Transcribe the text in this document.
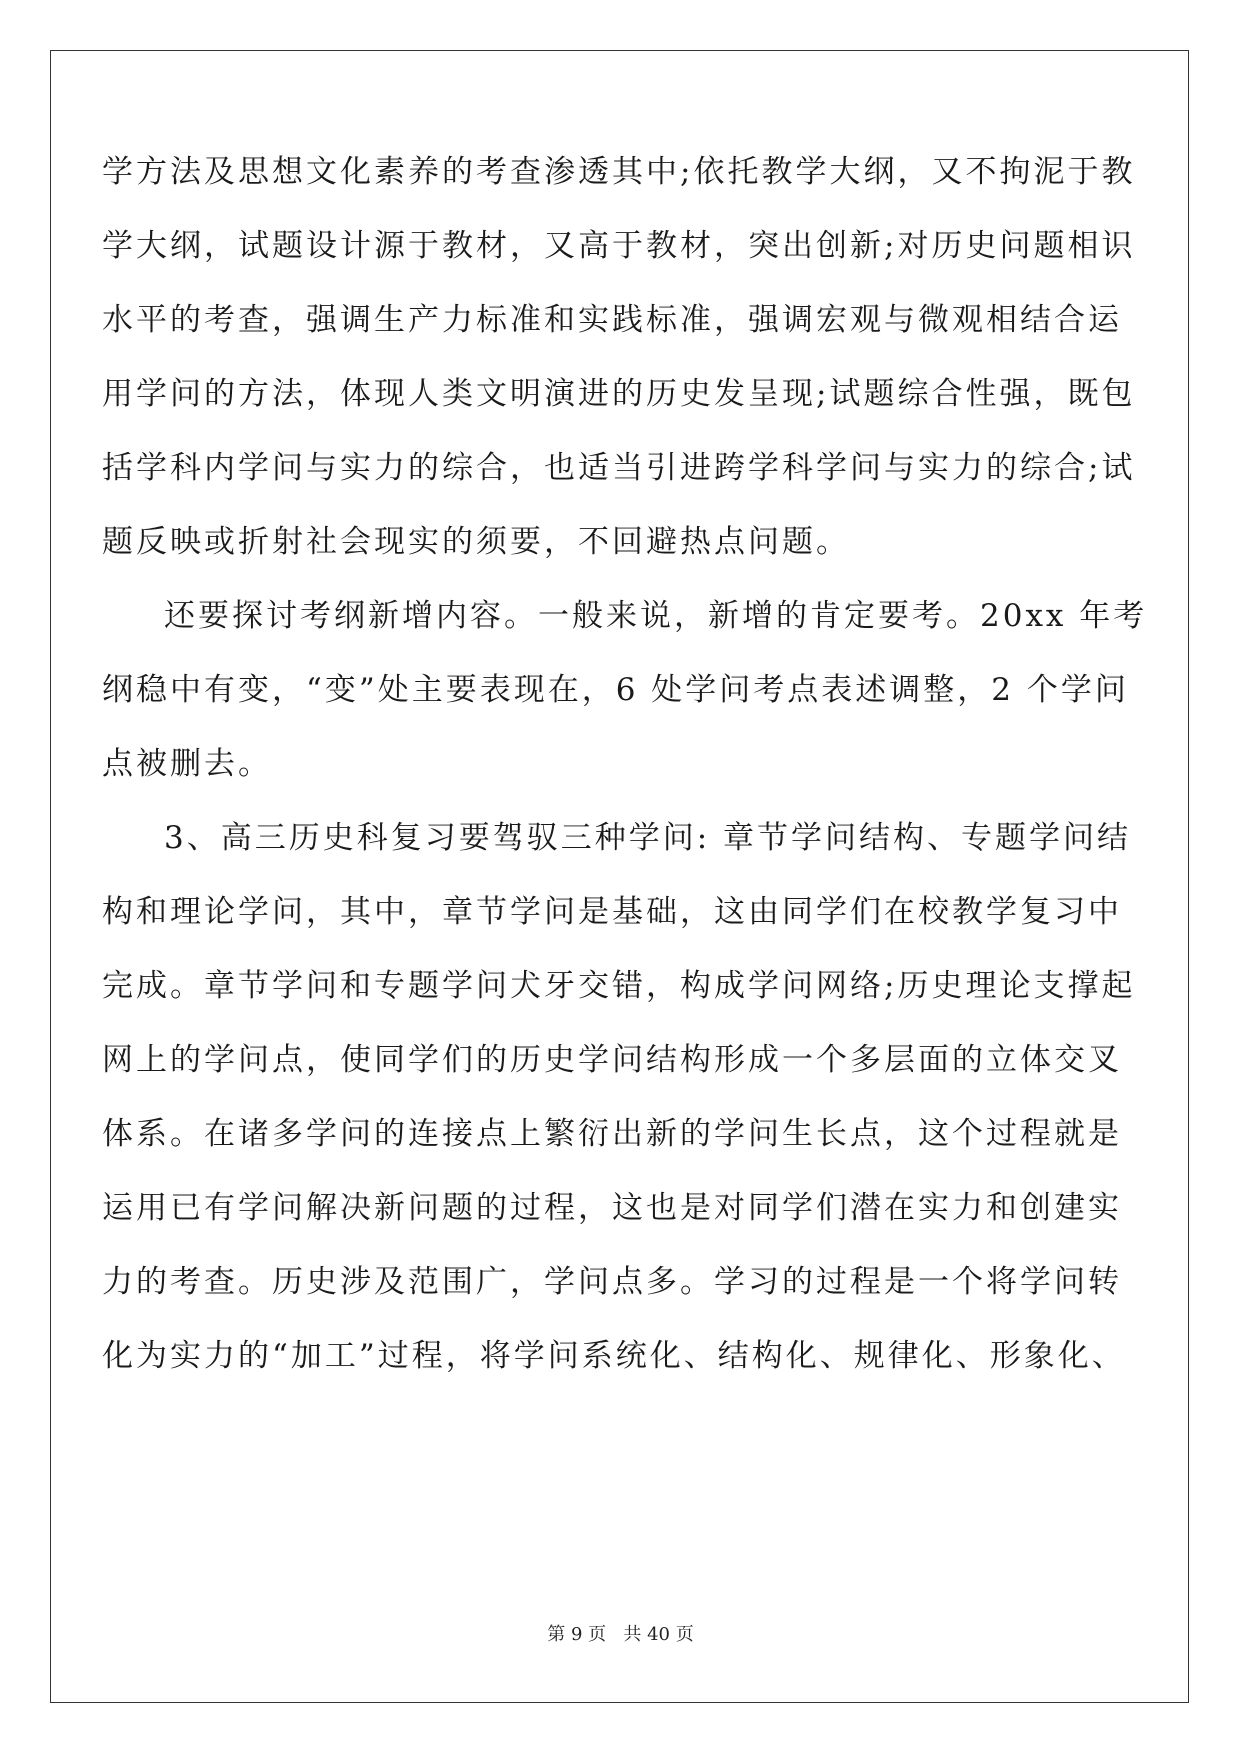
学方法及思想文化素养的考查渗透其中;依托教学大纲，又不拘泥于教
学大纲，试题设计源于教材，又高于教材，突出创新;对历史问题相识
水平的考查，强调生产力标准和实践标准，强调宏观与微观相结合运
用学问的方法，体现人类文明演进的历史发呈现;试题综合性强，既包
括学科内学问与实力的综合，也适当引进跨学科学问与实力的综合;试
题反映或折射社会现实的须要，不回避热点问题。
还要探讨考纲新增内容。一般来说，新增的肯定要考。20xx 年考
纲稳中有变，“变”处主要表现在，6 处学问考点表述调整，2 个学问
点被删去。
3、高三历史科复习要驾驭三种学问: 章节学问结构、专题学问结
构和理论学问，其中，章节学问是基础，这由同学们在校教学复习中
完成。章节学问和专题学问犬牙交错，构成学问网络;历史理论支撑起
网上的学问点，使同学们的历史学问结构形成一个多层面的立体交叉
体系。在诸多学问的连接点上繁衍出新的学问生长点，这个过程就是
运用已有学问解决新问题的过程，这也是对同学们潜在实力和创建实
力的考查。历史涉及范围广，学问点多。学习的过程是一个将学问转
化为实力的“加工”过程，将学问系统化、结构化、规律化、形象化、
第 9 页 共 40 页
